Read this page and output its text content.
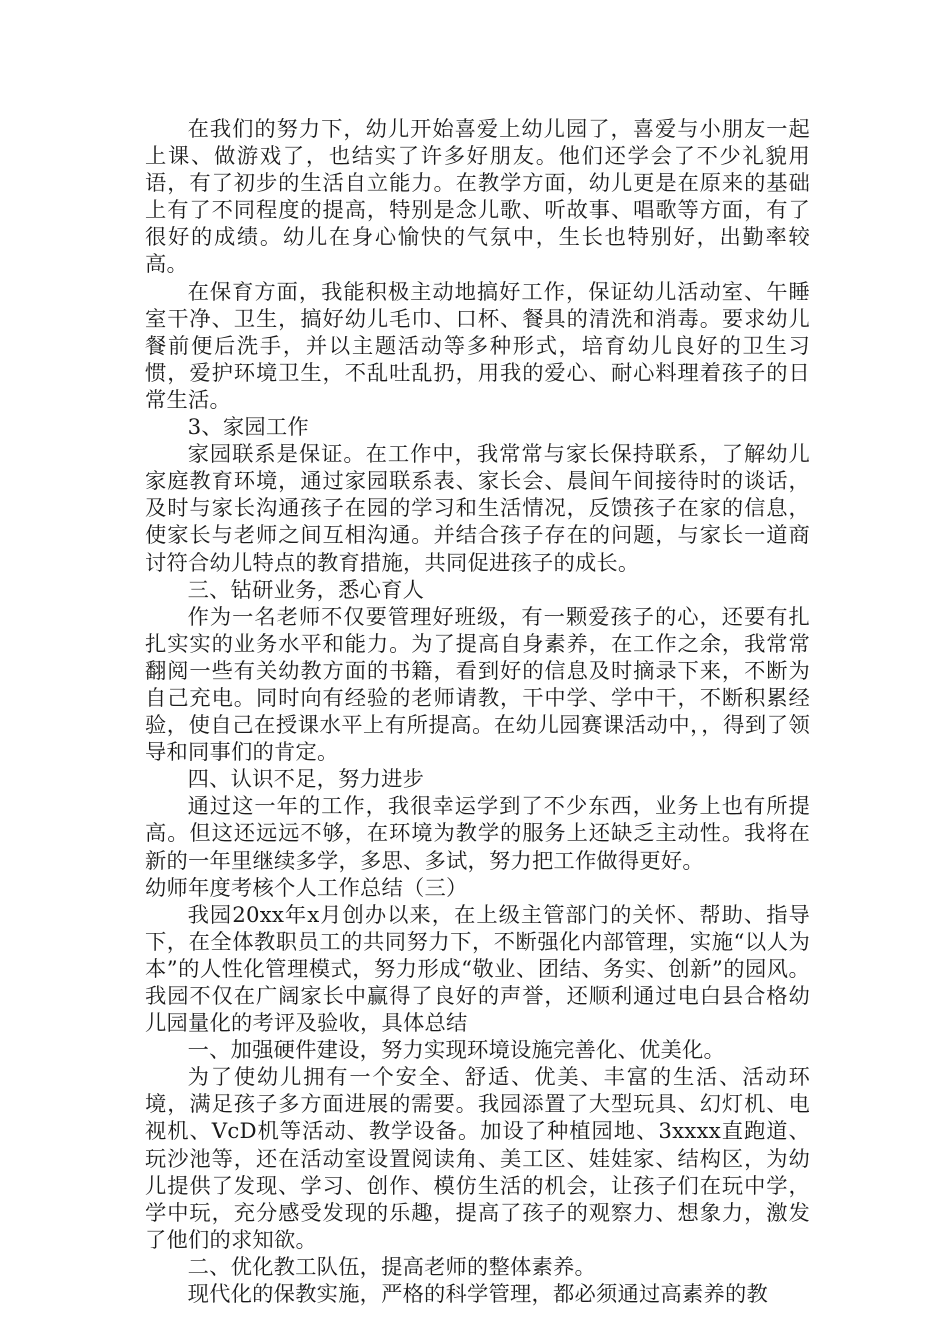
在我们的努力下，幼儿开始喜爱上幼儿园了，喜爱与小朋友一起上课、做游戏了，也结实了许多好朋友。他们还学会了不少礼貌用语，有了初步的生活自立能力。在教学方面，幼儿更是在原来的基础上有了不同程度的提高，特别是念儿歌、听故事、唱歌等方面，有了很好的成绩。幼儿在身心愉快的气氛中，生长也特别好，出勤率较高。

在保育方面，我能积极主动地搞好工作，保证幼儿活动室、午睡室干净、卫生，搞好幼儿毛巾、口杯、餐具的清洗和消毒。要求幼儿餐前便后洗手，并以主题活动等多种形式，培育幼儿良好的卫生习惯，爱护环境卫生，不乱吐乱扔，用我的爱心、耐心料理着孩子的日常生活。

3、家园工作

家园联系是保证。在工作中，我常常与家长保持联系，了解幼儿家庭教育环境，通过家园联系表、家长会、晨间午间接待时的谈话，及时与家长沟通孩子在园的学习和生活情况，反馈孩子在家的信息，使家长与老师之间互相沟通。并结合孩子存在的问题，与家长一道商讨符合幼儿特点的教育措施，共同促进孩子的成长。

三、钻研业务，悉心育人

作为一名老师不仅要管理好班级，有一颗爱孩子的心，还要有扎扎实实的业务水平和能力。为了提高自身素养，在工作之余，我常常翻阅一些有关幼教方面的书籍，看到好的信息及时摘录下来，不断为自己充电。同时向有经验的老师请教，干中学、学中干，不断积累经验，使自己在授课水平上有所提高。在幼儿园赛课活动中，，得到了领导和同事们的肯定。

四、认识不足，努力进步

通过这一年的工作，我很幸运学到了不少东西，业务上也有所提高。但这还远远不够，在环境为教学的服务上还缺乏主动性。我将在新的一年里继续多学，多思、多试，努力把工作做得更好。

幼师年度考核个人工作总结（三）

我园20xx年x月创办以来，在上级主管部门的关怀、帮助、指导下，在全体教职员工的共同努力下，不断强化内部管理，实施“以人为本”的人性化管理模式，努力形成“敬业、团结、务实、创新”的园风。我园不仅在广阔家长中赢得了良好的声誉，还顺利通过电白县合格幼儿园量化的考评及验收，具体总结

一、加强硬件建设，努力实现环境设施完善化、优美化。

为了使幼儿拥有一个安全、舒适、优美、丰富的生活、活动环境，满足孩子多方面进展的需要。我园添置了大型玩具、幻灯机、电视机、VcD机等活动、教学设备。加设了种植园地、3xxxx直跑道、玩沙池等，还在活动室设置阅读角、美工区、娃娃家、结构区，为幼儿提供了发现、学习、创作、模仿生活的机会，让孩子们在玩中学，学中玩，充分感受发现的乐趣，提高了孩子的观察力、想象力，激发了他们的求知欲。

二、优化教工队伍，提高老师的整体素养。

现代化的保教实施，严格的科学管理，都必须通过高素养的教
